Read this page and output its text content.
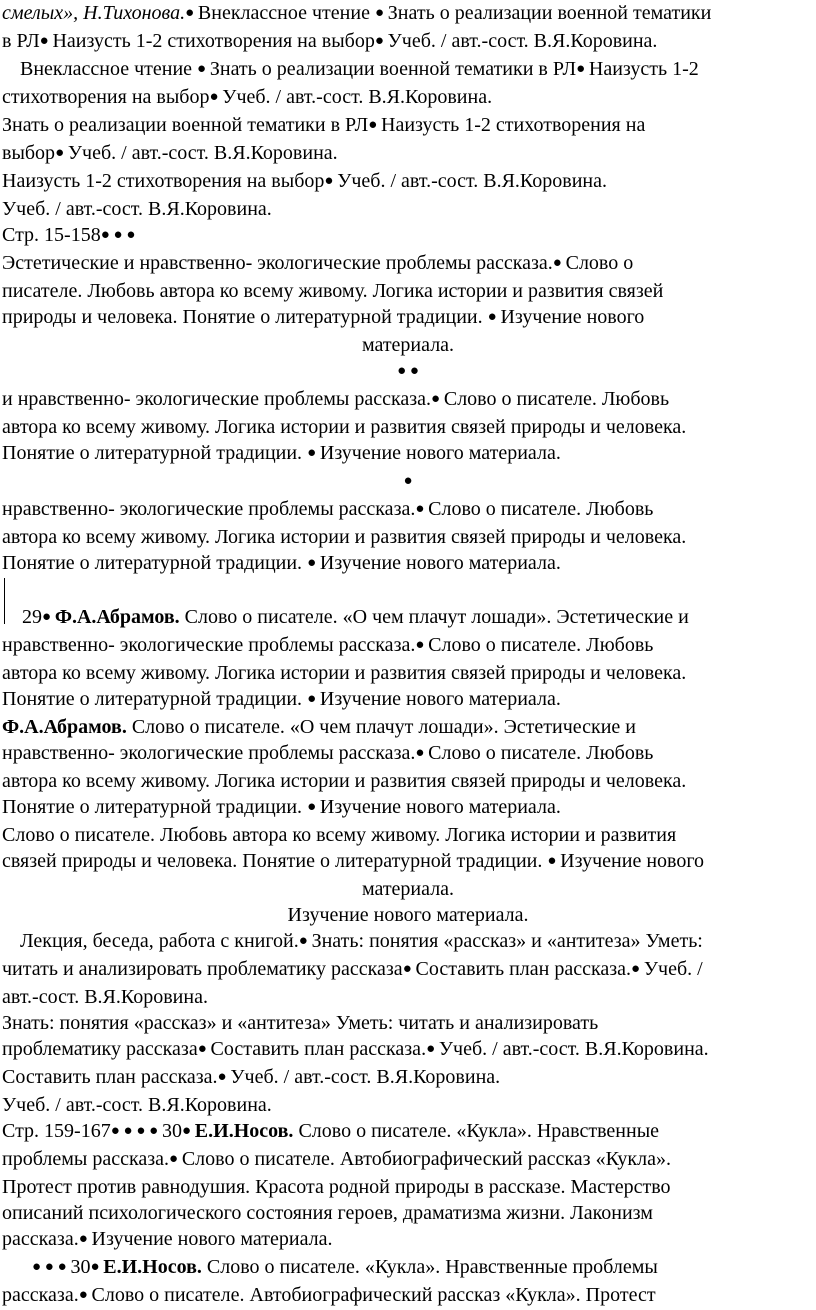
смелых», Н.Тихонова.● Внеклассное чтение ● Знать о реализации военной тематики

в РЛ● Наизусть 1-2 стихотворения на выбор● Учеб. / авт.-сост. В.Я.Коровина.

Внеклассное чтение ● Знать о реализации военной тематики в РЛ● Наизусть 1-2

стихотворения на выбор● Учеб. / авт.-сост. В.Я.Коровина.

Знать о реализации военной тематики в РЛ● Наизусть 1-2 стихотворения на

выбор● Учеб. / авт.-сост. В.Я.Коровина.

Наизусть 1-2 стихотворения на выбор● Учеб. / авт.-сост. В.Я.Коровина.

Учеб. / авт.-сост. В.Я.Коровина.

Стр. 15-158● ● ●

Эстетические и нравственно- экологические проблемы рассказа.● Слово о

писателе. Любовь автора ко всему живому. Логика истории и развития связей

природы и человека. Понятие о литературной традиции. ● Изучение нового

материала.

● ●

и нравственно- экологические проблемы рассказа.● Слово о писателе. Любовь

автора ко всему живому. Логика истории и развития связей природы и человека.

Понятие о литературной традиции. ● Изучение нового материала.

●

нравственно- экологические проблемы рассказа.● Слово о писателе. Любовь

автора ко всему живому. Логика истории и развития связей природы и человека.

Понятие о литературной традиции. ● Изучение нового материала.

29● Ф.А.Абрамов. Слово о писателе. «О чем плачут лошади». Эстетические и

нравственно- экологические проблемы рассказа.● Слово о писателе. Любовь

автора ко всему живому. Логика истории и развития связей природы и человека.

Понятие о литературной традиции. ● Изучение нового материала.

Ф.А.Абрамов. Слово о писателе. «О чем плачут лошади». Эстетические и

нравственно- экологические проблемы рассказа.● Слово о писателе. Любовь

автора ко всему живому. Логика истории и развития связей природы и человека.

Понятие о литературной традиции. ● Изучение нового материала.

Слово о писателе. Любовь автора ко всему живому. Логика истории и развития

связей природы и человека. Понятие о литературной традиции. ● Изучение нового

материала.

Изучение нового материала.

Лекция, беседа, работа с книгой.● Знать: понятия «рассказ» и «антитеза» Уметь:

читать и анализировать проблематику рассказа● Составить план рассказа.● Учеб. /

авт.-сост. В.Я.Коровина.

Знать: понятия «рассказ» и «антитеза» Уметь: читать и анализировать

проблематику рассказа● Составить план рассказа.● Учеб. / авт.-сост. В.Я.Коровина.

Составить план рассказа.● Учеб. / авт.-сост. В.Я.Коровина.

Учеб. / авт.-сост. В.Я.Коровина.

Стр. 159-167● ● ● ● 30● Е.И.Носов. Слово о писателе. «Кукла». Нравственные

проблемы рассказа.● Слово о писателе. Автобиографический рассказ «Кукла».

Протест против равнодушия. Красота родной природы в рассказе. Мастерство

описаний психологического состояния героев, драматизма жизни. Лаконизм

рассказа.● Изучение нового материала.

● ● ● 30● Е.И.Носов. Слово о писателе. «Кукла». Нравственные проблемы

рассказа.● Слово о писателе. Автобиографический рассказ «Кукла». Протест
